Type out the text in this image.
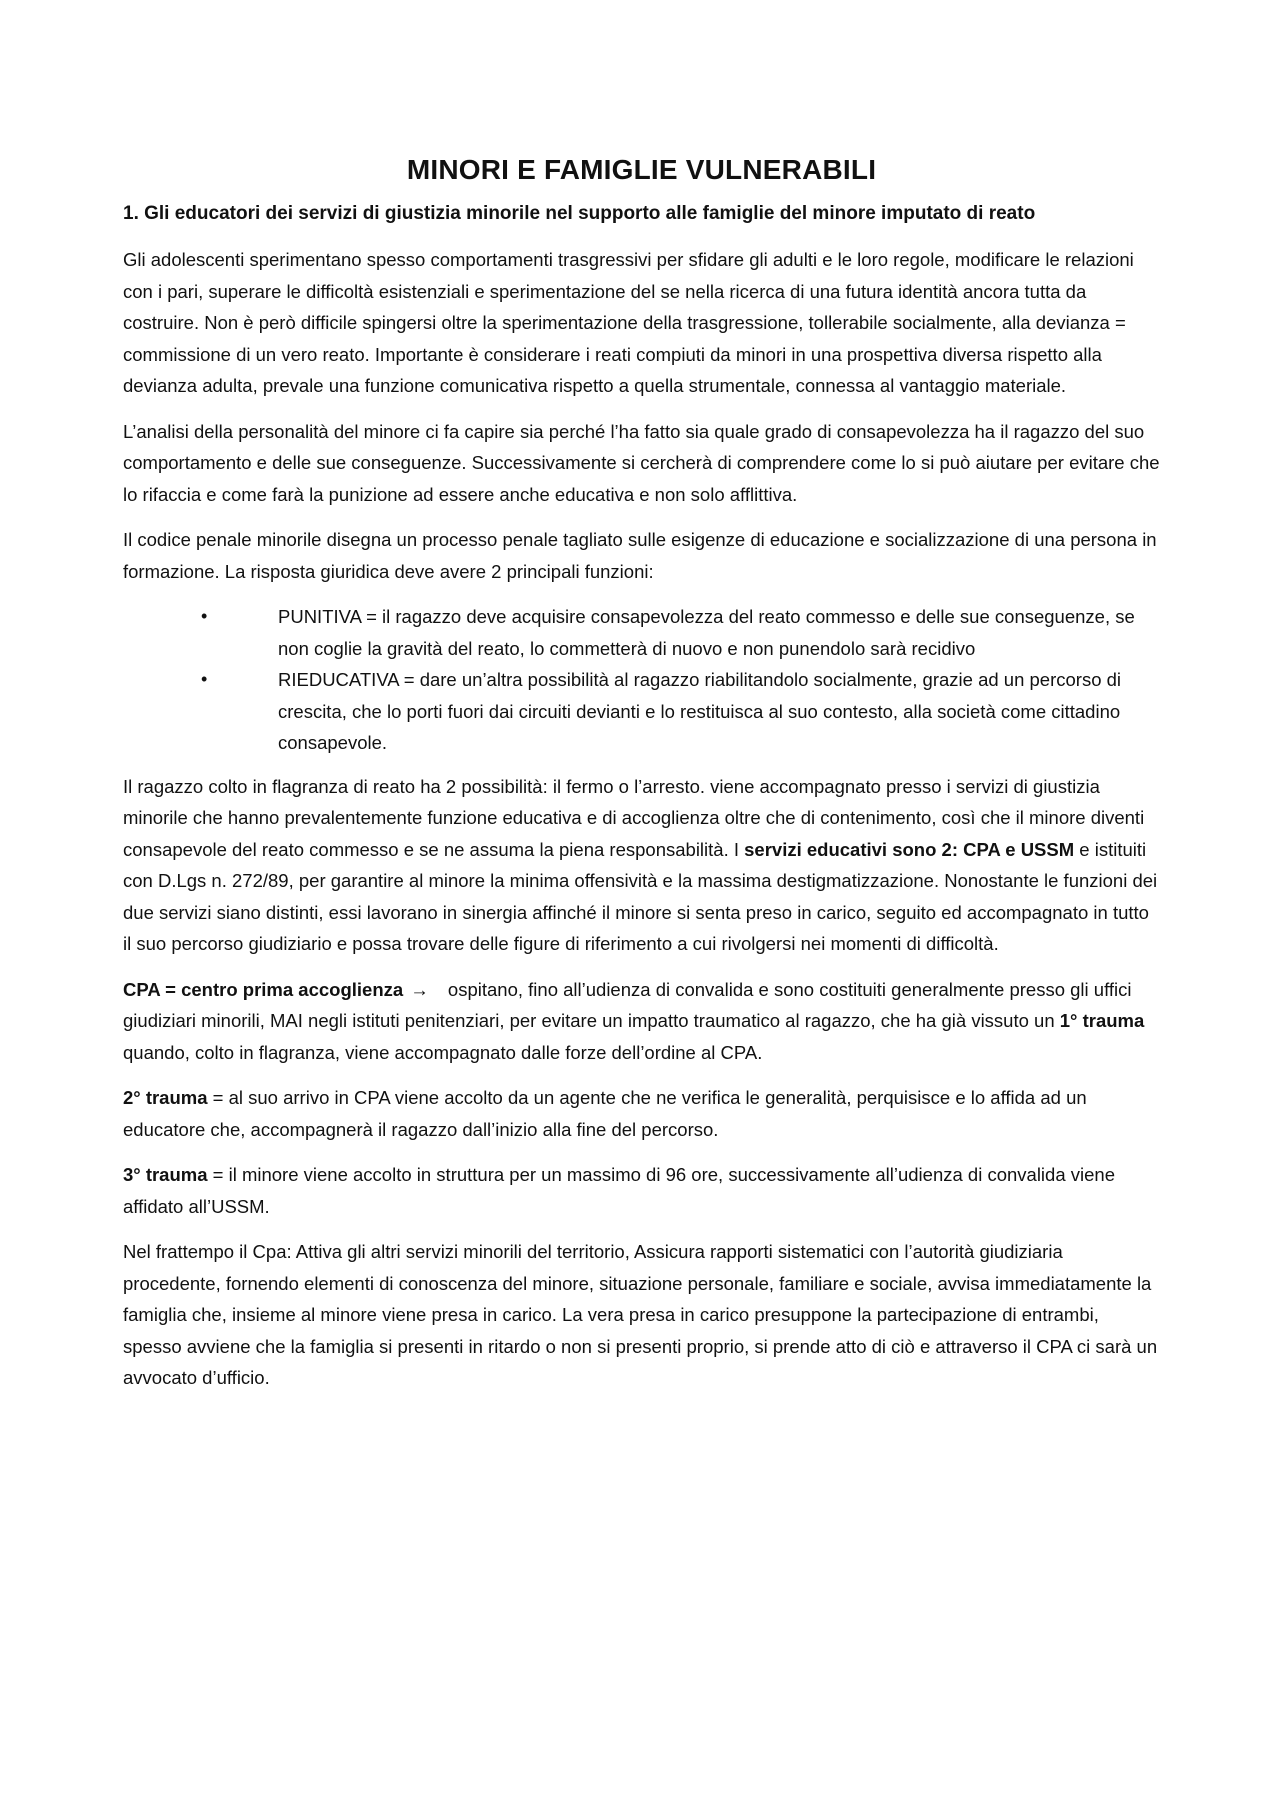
MINORI E FAMIGLIE VULNERABILI
1. Gli educatori dei servizi di giustizia minorile nel supporto alle famiglie del minore imputato di reato

Gli adolescenti sperimentano spesso comportamenti trasgressivi per sfidare gli adulti e le loro regole, modificare le relazioni con i pari, superare le difficoltà esistenziali e sperimentazione del se nella ricerca di una futura identità ancora tutta da costruire. Non è però difficile spingersi oltre la sperimentazione della trasgressione, tollerabile socialmente, alla devianza = commissione di un vero reato. Importante è considerare i reati compiuti da minori in una prospettiva diversa rispetto alla devianza adulta, prevale una funzione comunicativa rispetto a quella strumentale, connessa al vantaggio materiale.

L’analisi della personalità del minore ci fa capire sia perché l’ha fatto sia quale grado di consapevolezza ha il ragazzo del suo comportamento e delle sue conseguenze. Successivamente si cercherà di comprendere come lo si può aiutare per evitare che lo rifaccia e come farà la punizione ad essere anche educativa e non solo afflittiva.

Il codice penale minorile disegna un processo penale tagliato sulle esigenze di educazione e socializzazione di una persona in formazione. La risposta giuridica deve avere 2 principali funzioni:

•	PUNITIVA = il ragazzo deve acquisire consapevolezza del reato commesso e delle sue conseguenze, se non coglie la gravità del reato, lo commetterà di nuovo e non punendolo sarà recidivo
•	RIEDUCATIVA = dare un’altra possibilità al ragazzo riabilitandolo socialmente, grazie ad un percorso di crescita, che lo porti fuori dai circuiti devianti e lo restituisca al suo contesto, alla società come cittadino consapevole.

Il ragazzo colto in flagranza di reato ha 2 possibilità: il fermo o l’arresto. viene accompagnato presso i servizi di giustizia minorile che hanno prevalentemente funzione educativa e di accoglienza oltre che di contenimento, così che il minore diventi consapevole del reato commesso e se ne assuma la piena responsabilità. I servizi educativi sono 2: CPA e USSM e istituiti con D.Lgs n. 272/89, per garantire al minore la minima offensività e la massima destigmatizzazione. Nonostante le funzioni dei due servizi siano distinti, essi lavorano in sinergia affinché il minore si senta preso in carico, seguito ed accompagnato in tutto il suo percorso giudiziario e possa trovare delle figure di riferimento a cui rivolgersi nei momenti di difficoltà.

CPA = centro prima accoglienza → ospitano, fino all’udienza di convalida e sono costituiti generalmente presso gli uffici giudiziari minorili, MAI negli istituti penitenziari, per evitare un impatto traumatico al ragazzo, che ha già vissuto un 1° trauma quando, colto in flagranza, viene accompagnato dalle forze dell’ordine al CPA.

2° trauma = al suo arrivo in CPA viene accolto da un agente che ne verifica le generalità, perquisisce e lo affida ad un educatore che, accompagnerà il ragazzo dall’inizio alla fine del percorso.

3° trauma = il minore viene accolto in struttura per un massimo di 96 ore, successivamente all’udienza di convalida viene affidato all’USSM.

Nel frattempo il Cpa: Attiva gli altri servizi minorili del territorio, Assicura rapporti sistematici con l’autorità giudiziaria procedente, fornendo elementi di conoscenza del minore, situazione personale, familiare e sociale, avvisa immediatamente la famiglia che, insieme al minore viene presa in carico. La vera presa in carico presuppone la partecipazione di entrambi, spesso avviene che la famiglia si presenti in ritardo o non si presenti proprio, si prende atto di ciò e attraverso il CPA ci sarà un avvocato d’ufficio.
